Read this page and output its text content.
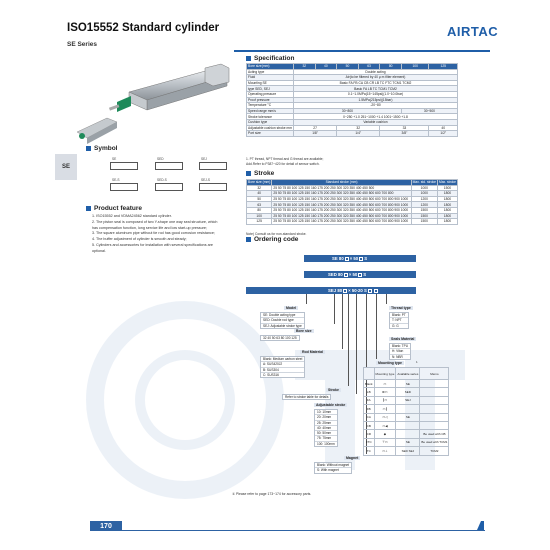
ISO15552 Standard cylinder
SE Series
AIRTAC
SE
Symbol
SE	SED	SEJ
SE-S	SED-S	SEJ-S
Product feature
1. ISO15552 and VDMA24562 standard cylinder.
2. The piston seal is composed of two Y-shape one way seal structure, which
has compensation function, long service life and low start-up pressure;
3. The square aluminum pipe without tie rod has good corrosion resistance;
4. The buffer adjustment of cylinder is smooth and steady;
5. Cylinders and accessories for installation with several specifications are
optional.
Specification
Bore size(mm)	32	40	50	63	80	100	125
Acting type	Double acting						
Fluid	Air(to be filtered by 40 μ m filter element)						
Mounting SE	Basic FA FB CA CB CR LB TC FTC TCM1 TCM2						
type SED, SEJ	Basic FA LB TC TCM1 TCM2						
Operating pressure	0.1~1.0MPa(15~145psi)(1.0~10.0bar)						
Proof pressure	1.5MPa(215psi)(15bar)						
Temperature °C	-20~80						
Speed range mm/s	30~800					30~500	
Stroke tolerance	0~250 +1.0 251~1000 +1.4 1001~1500 +1.8						
Cushion type	Variable cushion						
Adjustable cushion stroke mm	27		32		33		40
Port size	1/8"		1/4"		3/8"		1/2"
1. PT thread, NPT thread and G thread are available;
Add.Refer to P387~420 for detail of sensor switch.
Stroke
Bore size (mm)	Standard stroke (mm)	Max. std. stroke	Max. stroke
32	25 50 75 80 100 125 150 160 175 200 250 300 320 350 400 450 500	1000	1500
40	25 50 75 80 100 125 150 160 175 200 250 300 320 350 400 450 500 600 700 800	1000	1800
50	25 50 75 80 100 125 150 160 175 200 250 300 320 350 400 450 500 600 700 800 900 1000	1200	1800
63	25 50 75 80 100 125 150 160 175 200 250 300 320 350 400 450 500 600 700 800 900 1000	1200	1800
80	25 50 75 80 100 125 150 160 175 200 250 300 320 350 400 450 500 600 700 800 900 1000	1500	1800
100	25 50 75 80 100 125 150 160 175 200 250 300 320 350 400 450 500 600 700 800 900 1000	1500	1800
125	25 50 75 80 100 125 150 160 175 200 250 300 320 350 400 450 500 600 700 800 900 1000	1500	1800
Note) Consult us for non-standard stroke.
Ordering code
SE 80 × 50 S
SED 80 × 50 S
SEJ 80 × 50-20 S
Model
SE: Double acting type
SED: Double rod type
SEJ: Adjustable stroke type
Bore size
32 40 50 63 80 100 125
Rod Material
Blank: Medium carbon steel
A: SUS420J2
B: SUS304
C: SUS316
Stroke
Refer to stroke table for details
Adjustable stroke
10: 10mm
20: 20mm
25: 25mm
40: 40mm
50: 50mm
75: 75mm
100: 100mm
Magnet
Blank: Without magnet
S: With magnet
Thread type
Blank: PT
T: NPT
G: G
Seals Material
Blank: TPU
H: Viton
N: NBR
Mounting type	1
	Mounting type	Available series	Memo
Blank	▭	SE	
LB	⊏▭	SED	
FA	┃▭	SEJ	
FB	▭┃		
CA	▭◁	SE	
CB	▭◀		
CR	◆		Be used with CB
FTC	⊤▭	SE	Be used with TCM1
TC	▭⊥	SED SEJ	TCM2
① Please refer to page 173~174 for accessory parts.
170
